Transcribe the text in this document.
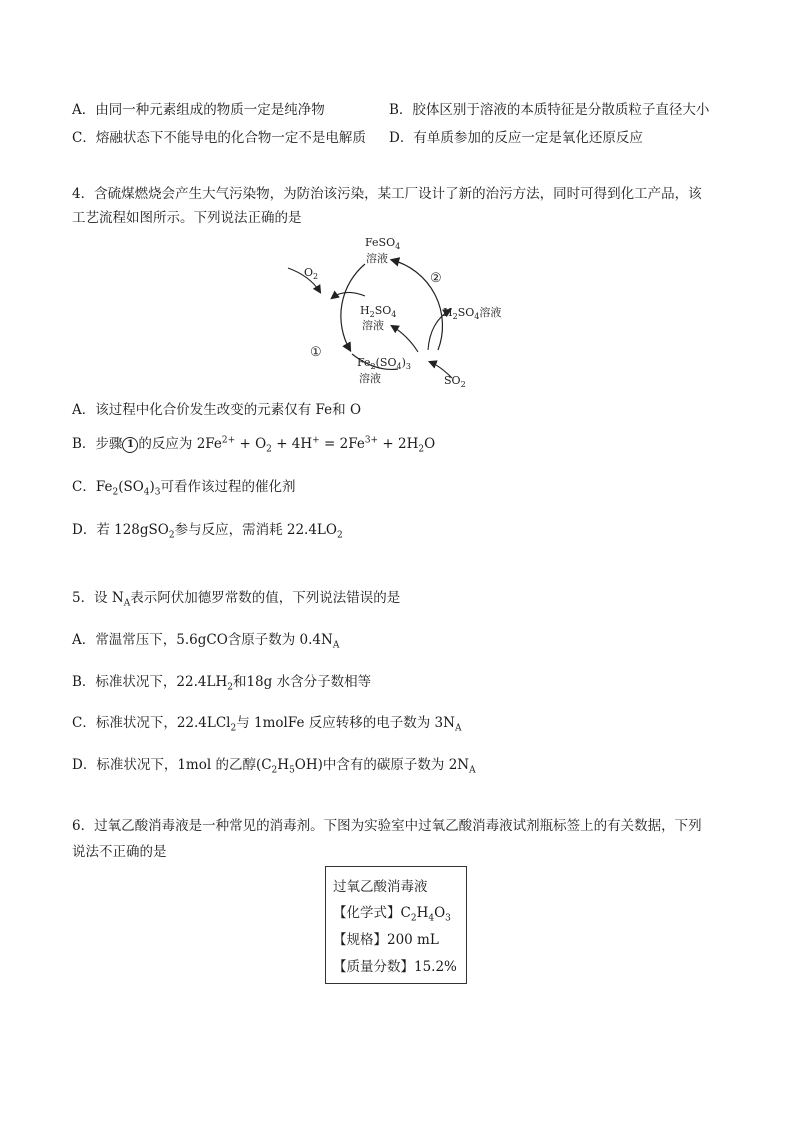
A．由同一种元素组成的物质一定是纯净物	B．胶体区别于溶液的本质特征是分散质粒子直径大小
C．熔融状态下不能导电的化合物一定不是电解质 D．有单质参加的反应一定是氧化还原反应
4．含硫煤燃烧会产生大气污染物，为防治该污染，某工厂设计了新的治污方法，同时可得到化工产品，该
工艺流程如图所示。下列说法正确的是
FeSO$_4$
溶液
$O_2$
$H_2SO_4$
溶液
$H_2SO_4$溶液
$Fe_2(SO_4)_3$
溶液	$SO_2$
①
②
A．该过程中化合价发生改变的元素仅有 Fe和 O
B．步骤 1 的反应为 $2Fe^{2+} + O_2 + 4H^+ = 2Fe^{3+} + 2H_2O$
C．$Fe_2(SO_4)_3$可看作该过程的催化剂
D．若 128gSO$_2$参与反应，需消耗 $22.4LO_2$
5．设 $N_A$表示阿伏加德罗常数的值，下列说法错误的是
A．常温常压下，5.6gCO含原子数为 $0.4N_A$
B．标准状况下，$22.4LH_2$和18g 水含分子数相等
C．标准状况下，22.4LCl$_2$与 1molFe 反应转移的电子数为 $3N_A$
D．标准状况下，1mol 的乙醇$(C_2H_5OH)$中含有的碳原子数为 $2N_A$
6．过氧乙酸消毒液是一种常见的消毒剂。下图为实验室中过氧乙酸消毒液试剂瓶标签上的有关数据，下列
说法不正确的是
过氧乙酸消毒液
【化学式】$C_2H_4O_3$
【规格】200 mL
【质量分数】15.2%
